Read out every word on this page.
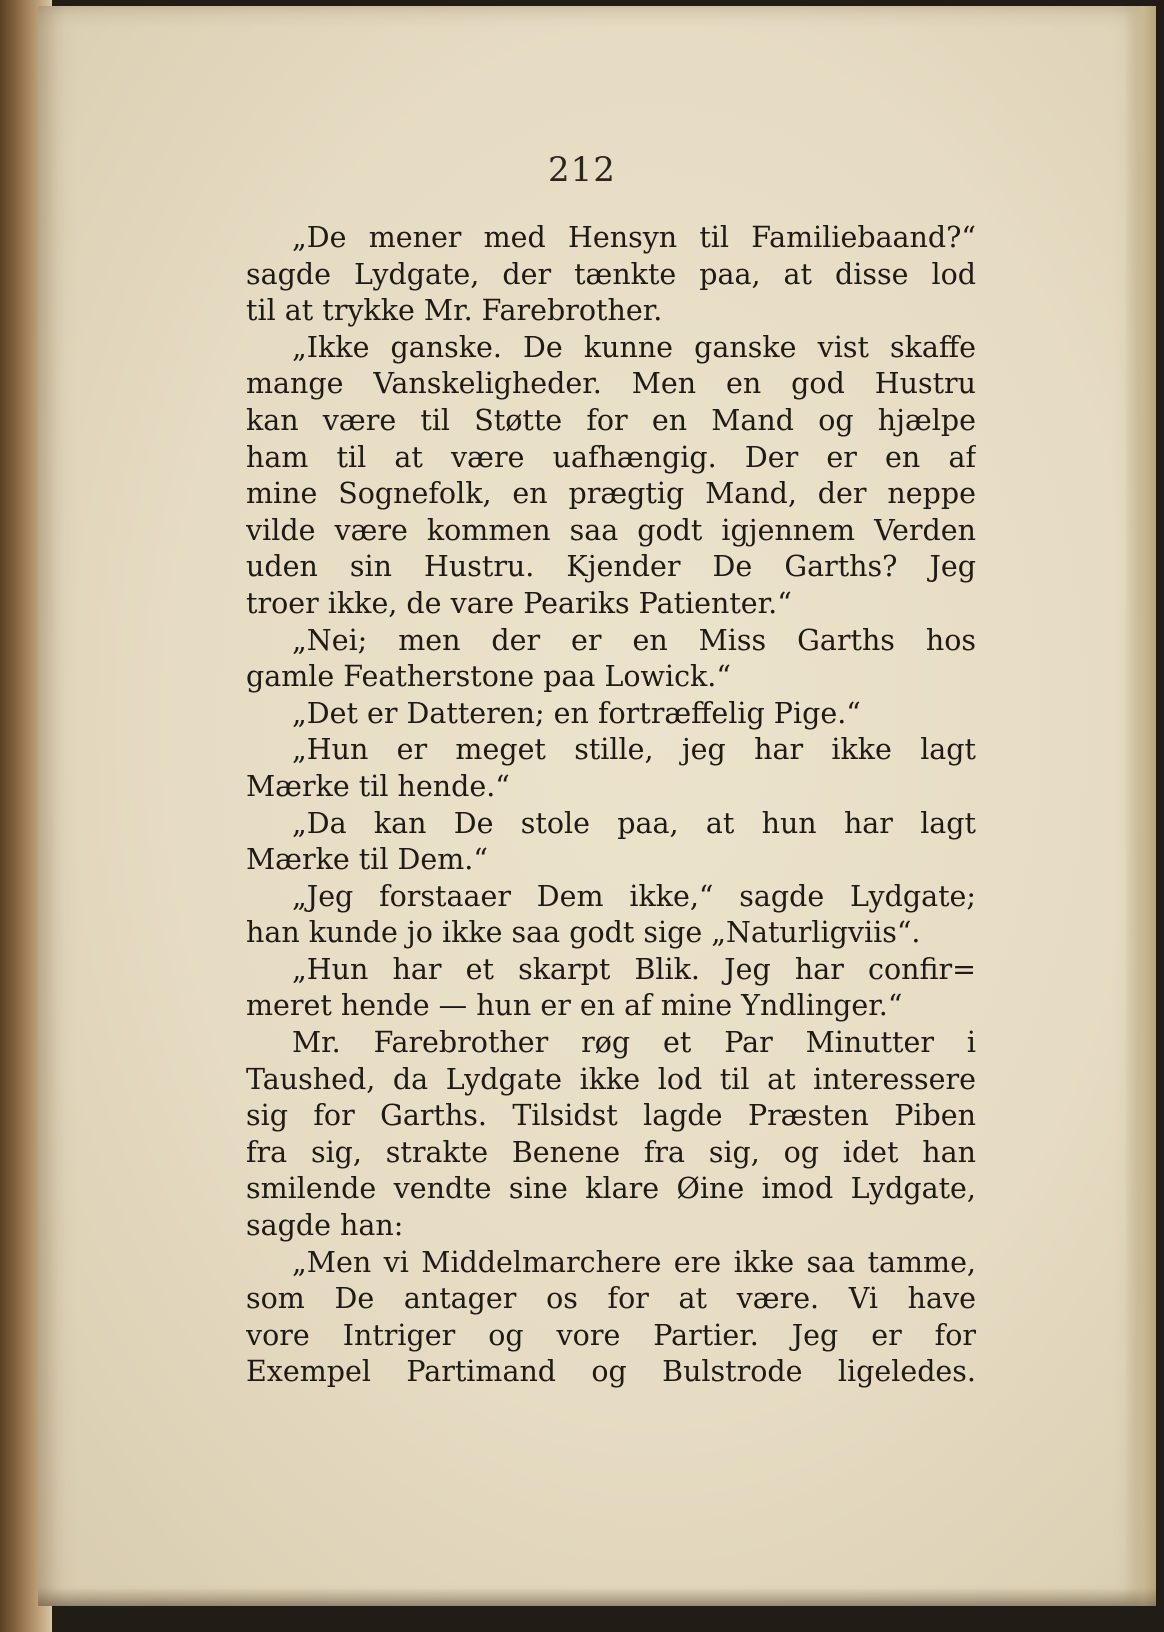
212
„De mener med Hensyn til Familiebaand?“
sagde Lydgate, der tænkte paa, at disse lod
til at trykke Mr. Farebrother.
„Ikke ganske. De kunne ganske vist skaffe
mange Vanskeligheder. Men en god Hustru
kan være til Støtte for en Mand og hjælpe
ham til at være uafhængig. Der er en af
mine Sognefolk, en prægtig Mand, der neppe
vilde være kommen saa godt igjennem Verden
uden sin Hustru. Kjender De Garths? Jeg
troer ikke, de vare Peariks Patienter.“
„Nei; men der er en Miss Garths hos
gamle Featherstone paa Lowick.“
„Det er Datteren; en fortræffelig Pige.“
„Hun er meget stille, jeg har ikke lagt
Mærke til hende.“
„Da kan De stole paa, at hun har lagt
Mærke til Dem.“
„Jeg forstaaer Dem ikke,“ sagde Lydgate;
han kunde jo ikke saa godt sige „Naturligviis“.
„Hun har et skarpt Blik. Jeg har confir=
meret hende — hun er en af mine Yndlinger.“
Mr. Farebrother røg et Par Minutter i
Taushed, da Lydgate ikke lod til at interessere
sig for Garths. Tilsidst lagde Præsten Piben
fra sig, strakte Benene fra sig, og idet han
smilende vendte sine klare Øine imod Lydgate,
sagde han:
„Men vi Middelmarchere ere ikke saa tamme,
som De antager os for at være. Vi have
vore Intriger og vore Partier. Jeg er for
Exempel Partimand og Bulstrode ligeledes.
